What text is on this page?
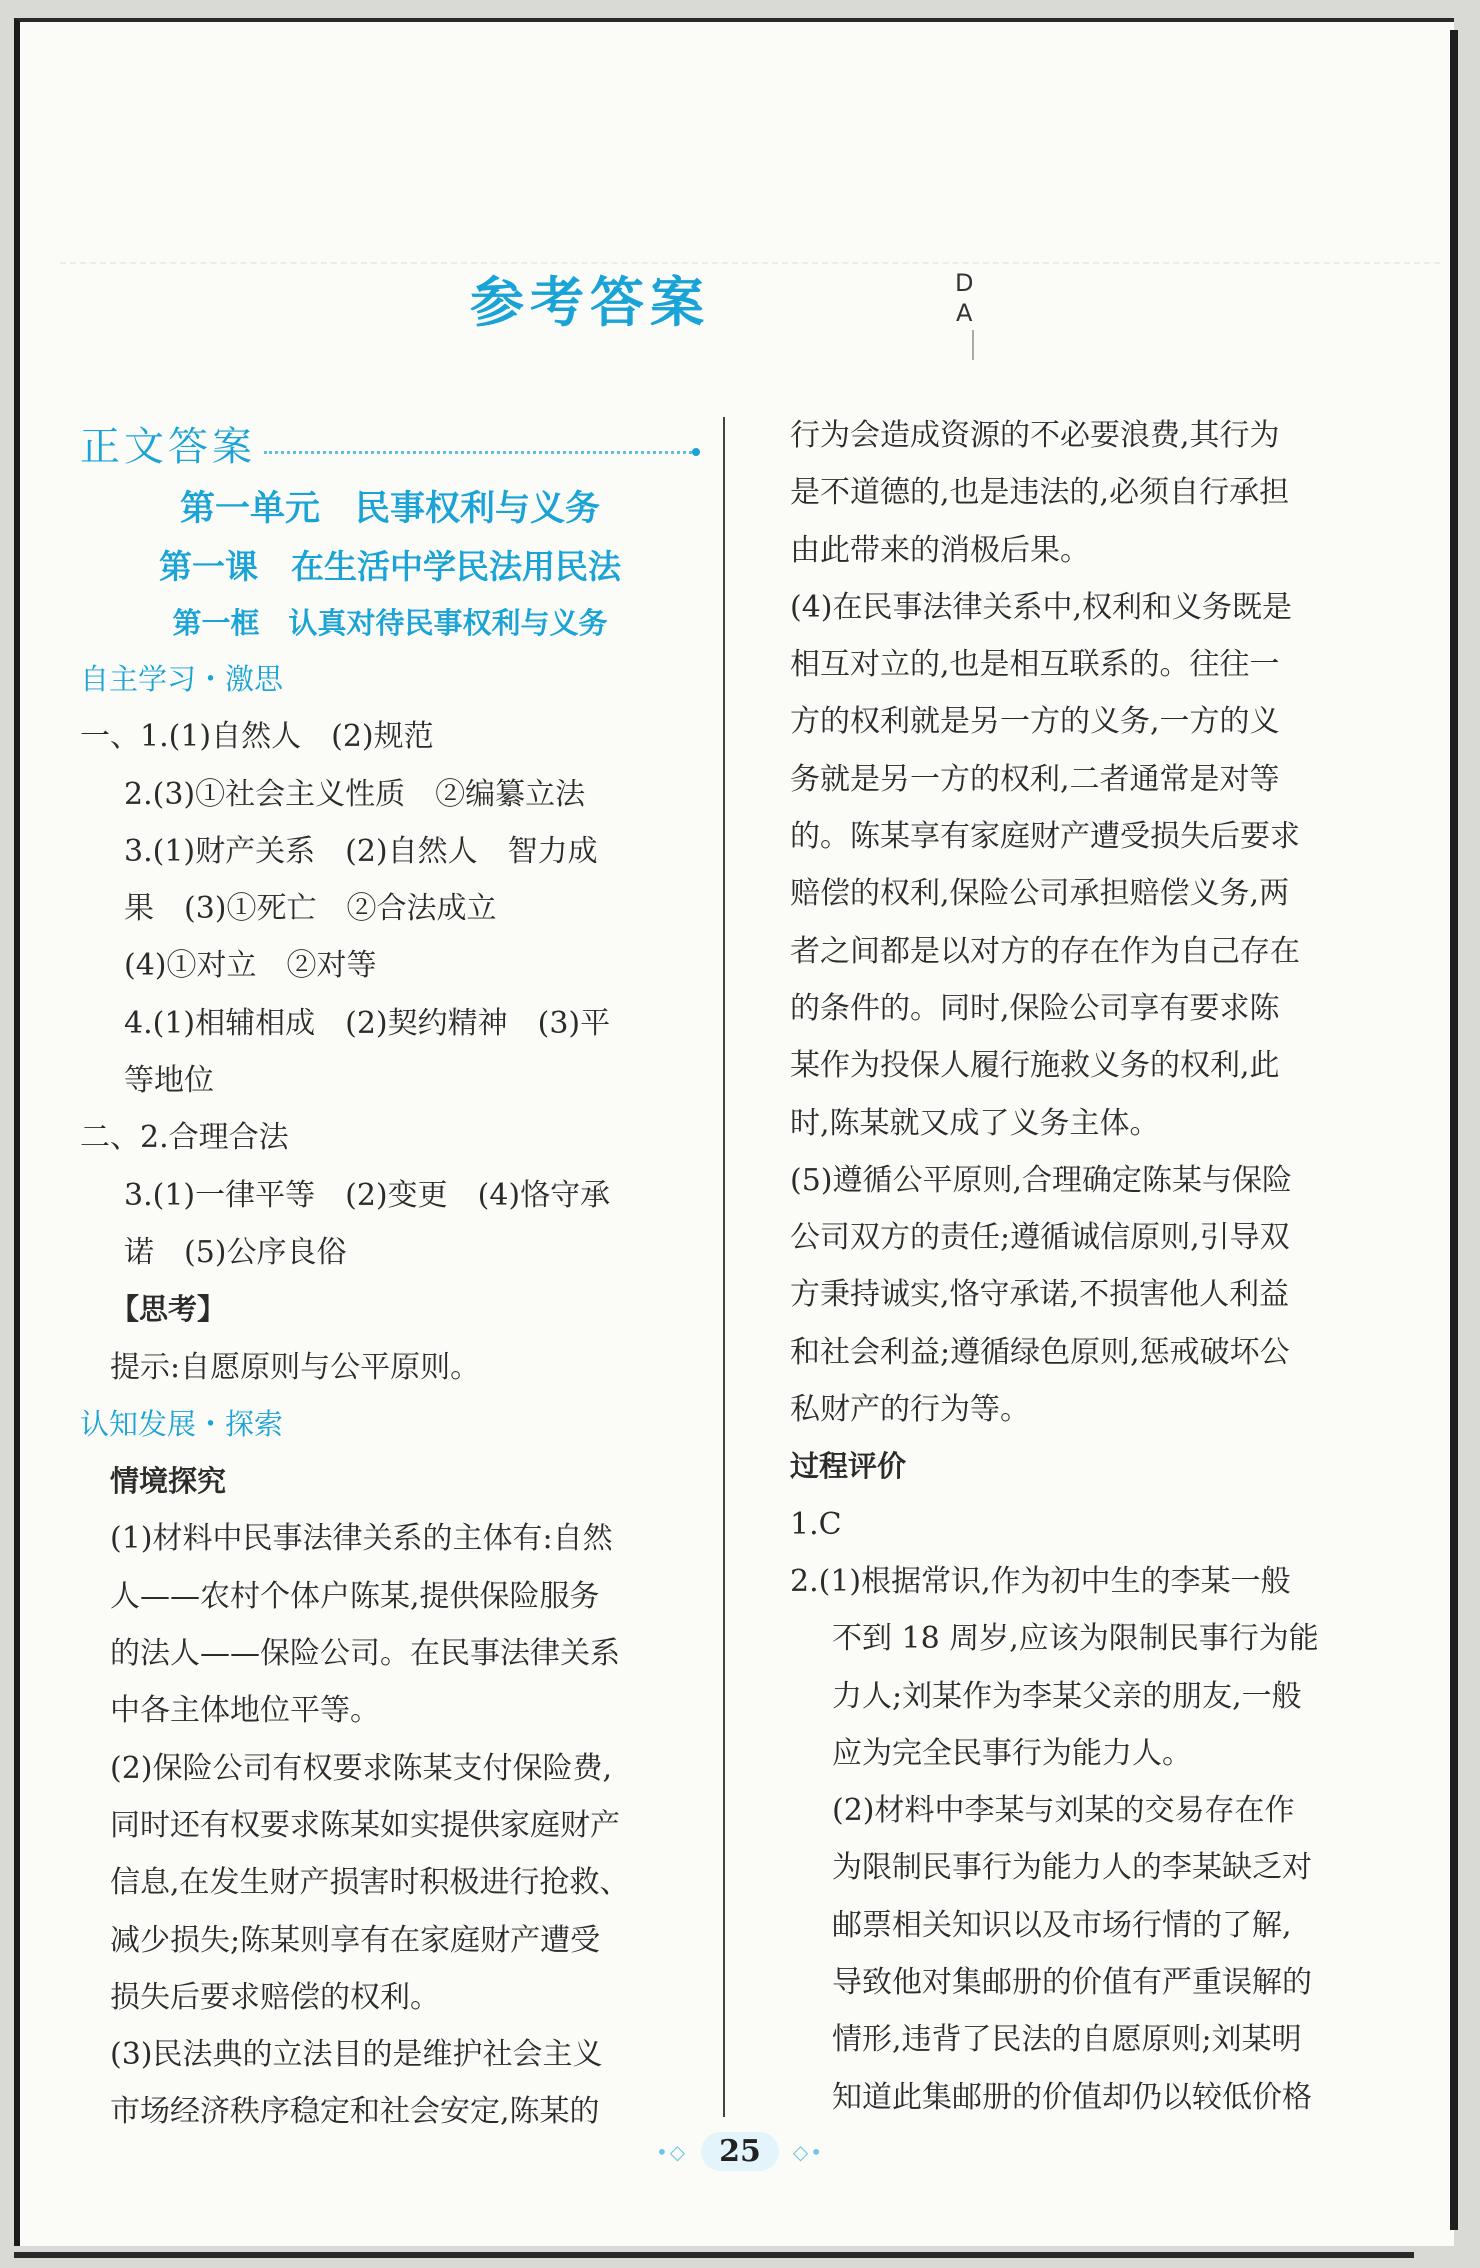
参考答案	D
A
正文答案
第一单元　民事权利与义务
第一课　在生活中学民法用民法
第一框　认真对待民事权利与义务
自主学习・激思
一、1.(1)自然人　(2)规范
2.(3)①社会主义性质　②编纂立法
3.(1)财产关系　(2)自然人　智力成
果　(3)①死亡　②合法成立
(4)①对立　②对等
4.(1)相辅相成　(2)契约精神　(3)平
等地位
二、2.合理合法
3.(1)一律平等　(2)变更　(4)恪守承
诺　(5)公序良俗
【思考】
提示:自愿原则与公平原则。
认知发展・探索
情境探究
(1)材料中民事法律关系的主体有:自然
人——农村个体户陈某,提供保险服务
的法人——保险公司。在民事法律关系
中各主体地位平等。
(2)保险公司有权要求陈某支付保险费,
同时还有权要求陈某如实提供家庭财产
信息,在发生财产损害时积极进行抢救、
减少损失;陈某则享有在家庭财产遭受
损失后要求赔偿的权利。
(3)民法典的立法目的是维护社会主义
市场经济秩序稳定和社会安定,陈某的
行为会造成资源的不必要浪费,其行为
是不道德的,也是违法的,必须自行承担
由此带来的消极后果。
(4)在民事法律关系中,权利和义务既是
相互对立的,也是相互联系的。往往一
方的权利就是另一方的义务,一方的义
务就是另一方的权利,二者通常是对等
的。陈某享有家庭财产遭受损失后要求
赔偿的权利,保险公司承担赔偿义务,两
者之间都是以对方的存在作为自己存在
的条件的。同时,保险公司享有要求陈
某作为投保人履行施救义务的权利,此
时,陈某就又成了义务主体。
(5)遵循公平原则,合理确定陈某与保险
公司双方的责任;遵循诚信原则,引导双
方秉持诚实,恪守承诺,不损害他人利益
和社会利益;遵循绿色原则,惩戒破坏公
私财产的行为等。
过程评价
1.C
2.(1)根据常识,作为初中生的李某一般
不到 18 周岁,应该为限制民事行为能
力人;刘某作为李某父亲的朋友,一般
应为完全民事行为能力人。
(2)材料中李某与刘某的交易存在作
为限制民事行为能力人的李某缺乏对
邮票相关知识以及市场行情的了解,
导致他对集邮册的价值有严重误解的
情形,违背了民法的自愿原则;刘某明
知道此集邮册的价值却仍以较低价格
•◇	25	◇•
